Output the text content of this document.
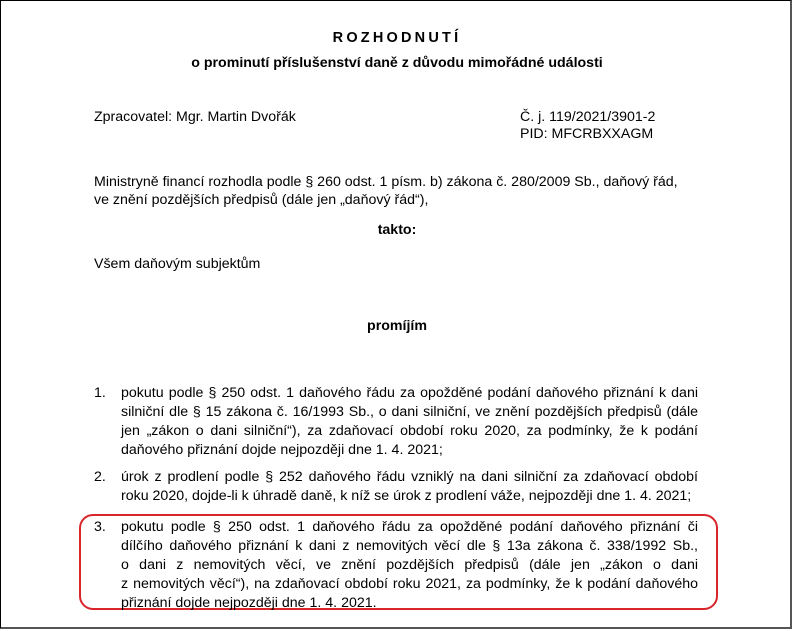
ROZHODNUTÍ
o prominutí příslušenství daně z důvodu mimořádné události
Zpracovatel: Mgr. Martin Dvořák	Č. j. 119/2021/3901-2
PID: MFCRBXXAGM
Ministryně financí rozhodla podle § 260 odst. 1 písm. b) zákona č. 280/2009 Sb., daňový řád,
ve znění pozdějších předpisů (dále jen „daňový řád“),
takto:
Všem daňovým subjektům
promíjím
1. pokutu podle § 250 odst. 1 daňového řádu za opožděné podání daňového přiznání k dani
silniční dle § 15 zákona č. 16/1993 Sb., o dani silniční, ve znění pozdějších předpisů (dále
jen „zákon o dani silniční“), za zdaňovací období roku 2020, za podmínky, že k podání
daňového přiznání dojde nejpozději dne 1. 4. 2021;
2. úrok z prodlení podle § 252 daňového řádu vzniklý na dani silniční za zdaňovací období
roku 2020, dojde-li k úhradě daně, k níž se úrok z prodlení váže, nejpozději dne 1. 4. 2021;
3. pokutu podle § 250 odst. 1 daňového řádu za opožděné podání daňového přiznání či
dílčího daňového přiznání k dani z nemovitých věcí dle § 13a zákona č. 338/1992 Sb.,
o dani z nemovitých věcí, ve znění pozdějších předpisů (dále jen „zákon o dani
z nemovitých věcí“), na zdaňovací období roku 2021, za podmínky, že k podání daňového
přiznání dojde nejpozději dne 1. 4. 2021.
